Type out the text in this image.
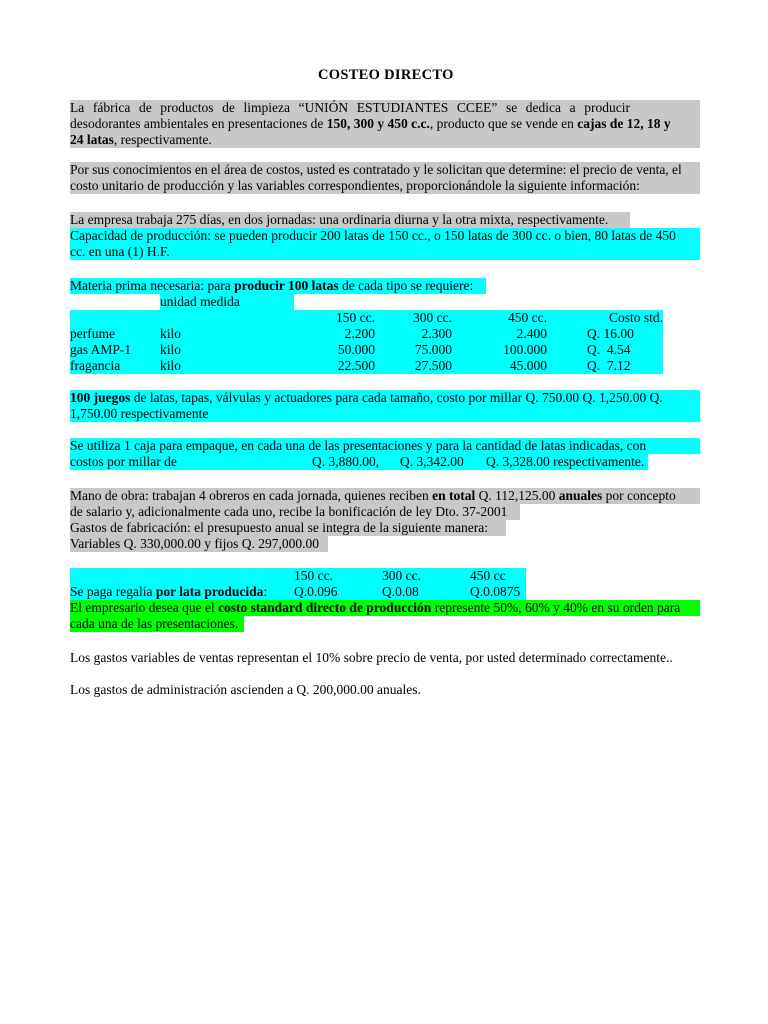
COSTEO DIRECTO
La fábrica de productos de limpieza “UNIÓN ESTUDIANTES CCEE” se dedica a producir
desodorantes ambientales en presentaciones de 150, 300 y 450 c.c., producto que se vende en cajas de 12, 18 y
24 latas, respectivamente.
Por sus conocimientos en el área de costos, usted es contratado y le solicitan que determine: el precio de venta, el
costo unitario de producción y las variables correspondientes, proporcionándole la siguiente información:
La empresa trabaja 275 días, en dos jornadas: una ordinaria diurna y la otra mixta, respectivamente.
Capacidad de producción: se pueden producir 200 latas de 150 cc., o 150 latas de 300 cc. o bien, 80 latas de 450
cc. en una (1) H.F.
Materia prima necesaria: para producir 100 latas de cada tipo se requiere:
unidad medida
		150 cc.	300 cc.	450 cc.	Costo std.
perfume	kilo	2.200	2.300	2.400	Q. 16.00
gas AMP-1	kilo	50.000	75.000	100.000	Q.  4.54
fragancia	kilo	22.500	27.500	45.000	Q.  7.12
100 juegos de latas, tapas, válvulas y actuadores para cada tamaño, costo por millar Q. 750.00 Q. 1,250.00 Q.
1,750.00 respectivamente
Se utiliza 1 caja para empaque, en cada una de las presentaciones y para la cantidad de latas indicadas, con
costos por millar de	Q. 3,880.00, Q. 3,342.00 Q. 3,328.00 respectivamente.
Mano de obra: trabajan 4 obreros en cada jornada, quienes reciben en total Q. 112,125.00 anuales por concepto
de salario y, adicionalmente cada uno, recibe la bonificación de ley Dto. 37-2001
Gastos de fabricación: el presupuesto anual se integra de la siguiente manera:
Variables Q. 330,000.00 y fijos Q. 297,000.00
150 cc.	300 cc.	450 cc
Se paga regalía por lata producida: Q.0.096	Q.0.08	Q.0.0875
El empresario desea que el costo standard directo de producción represente 50%, 60% y 40% en su orden para
cada una de las presentaciones.
Los gastos variables de ventas representan el 10% sobre precio de venta, por usted determinado correctamente..
Los gastos de administración ascienden a Q. 200,000.00 anuales.
